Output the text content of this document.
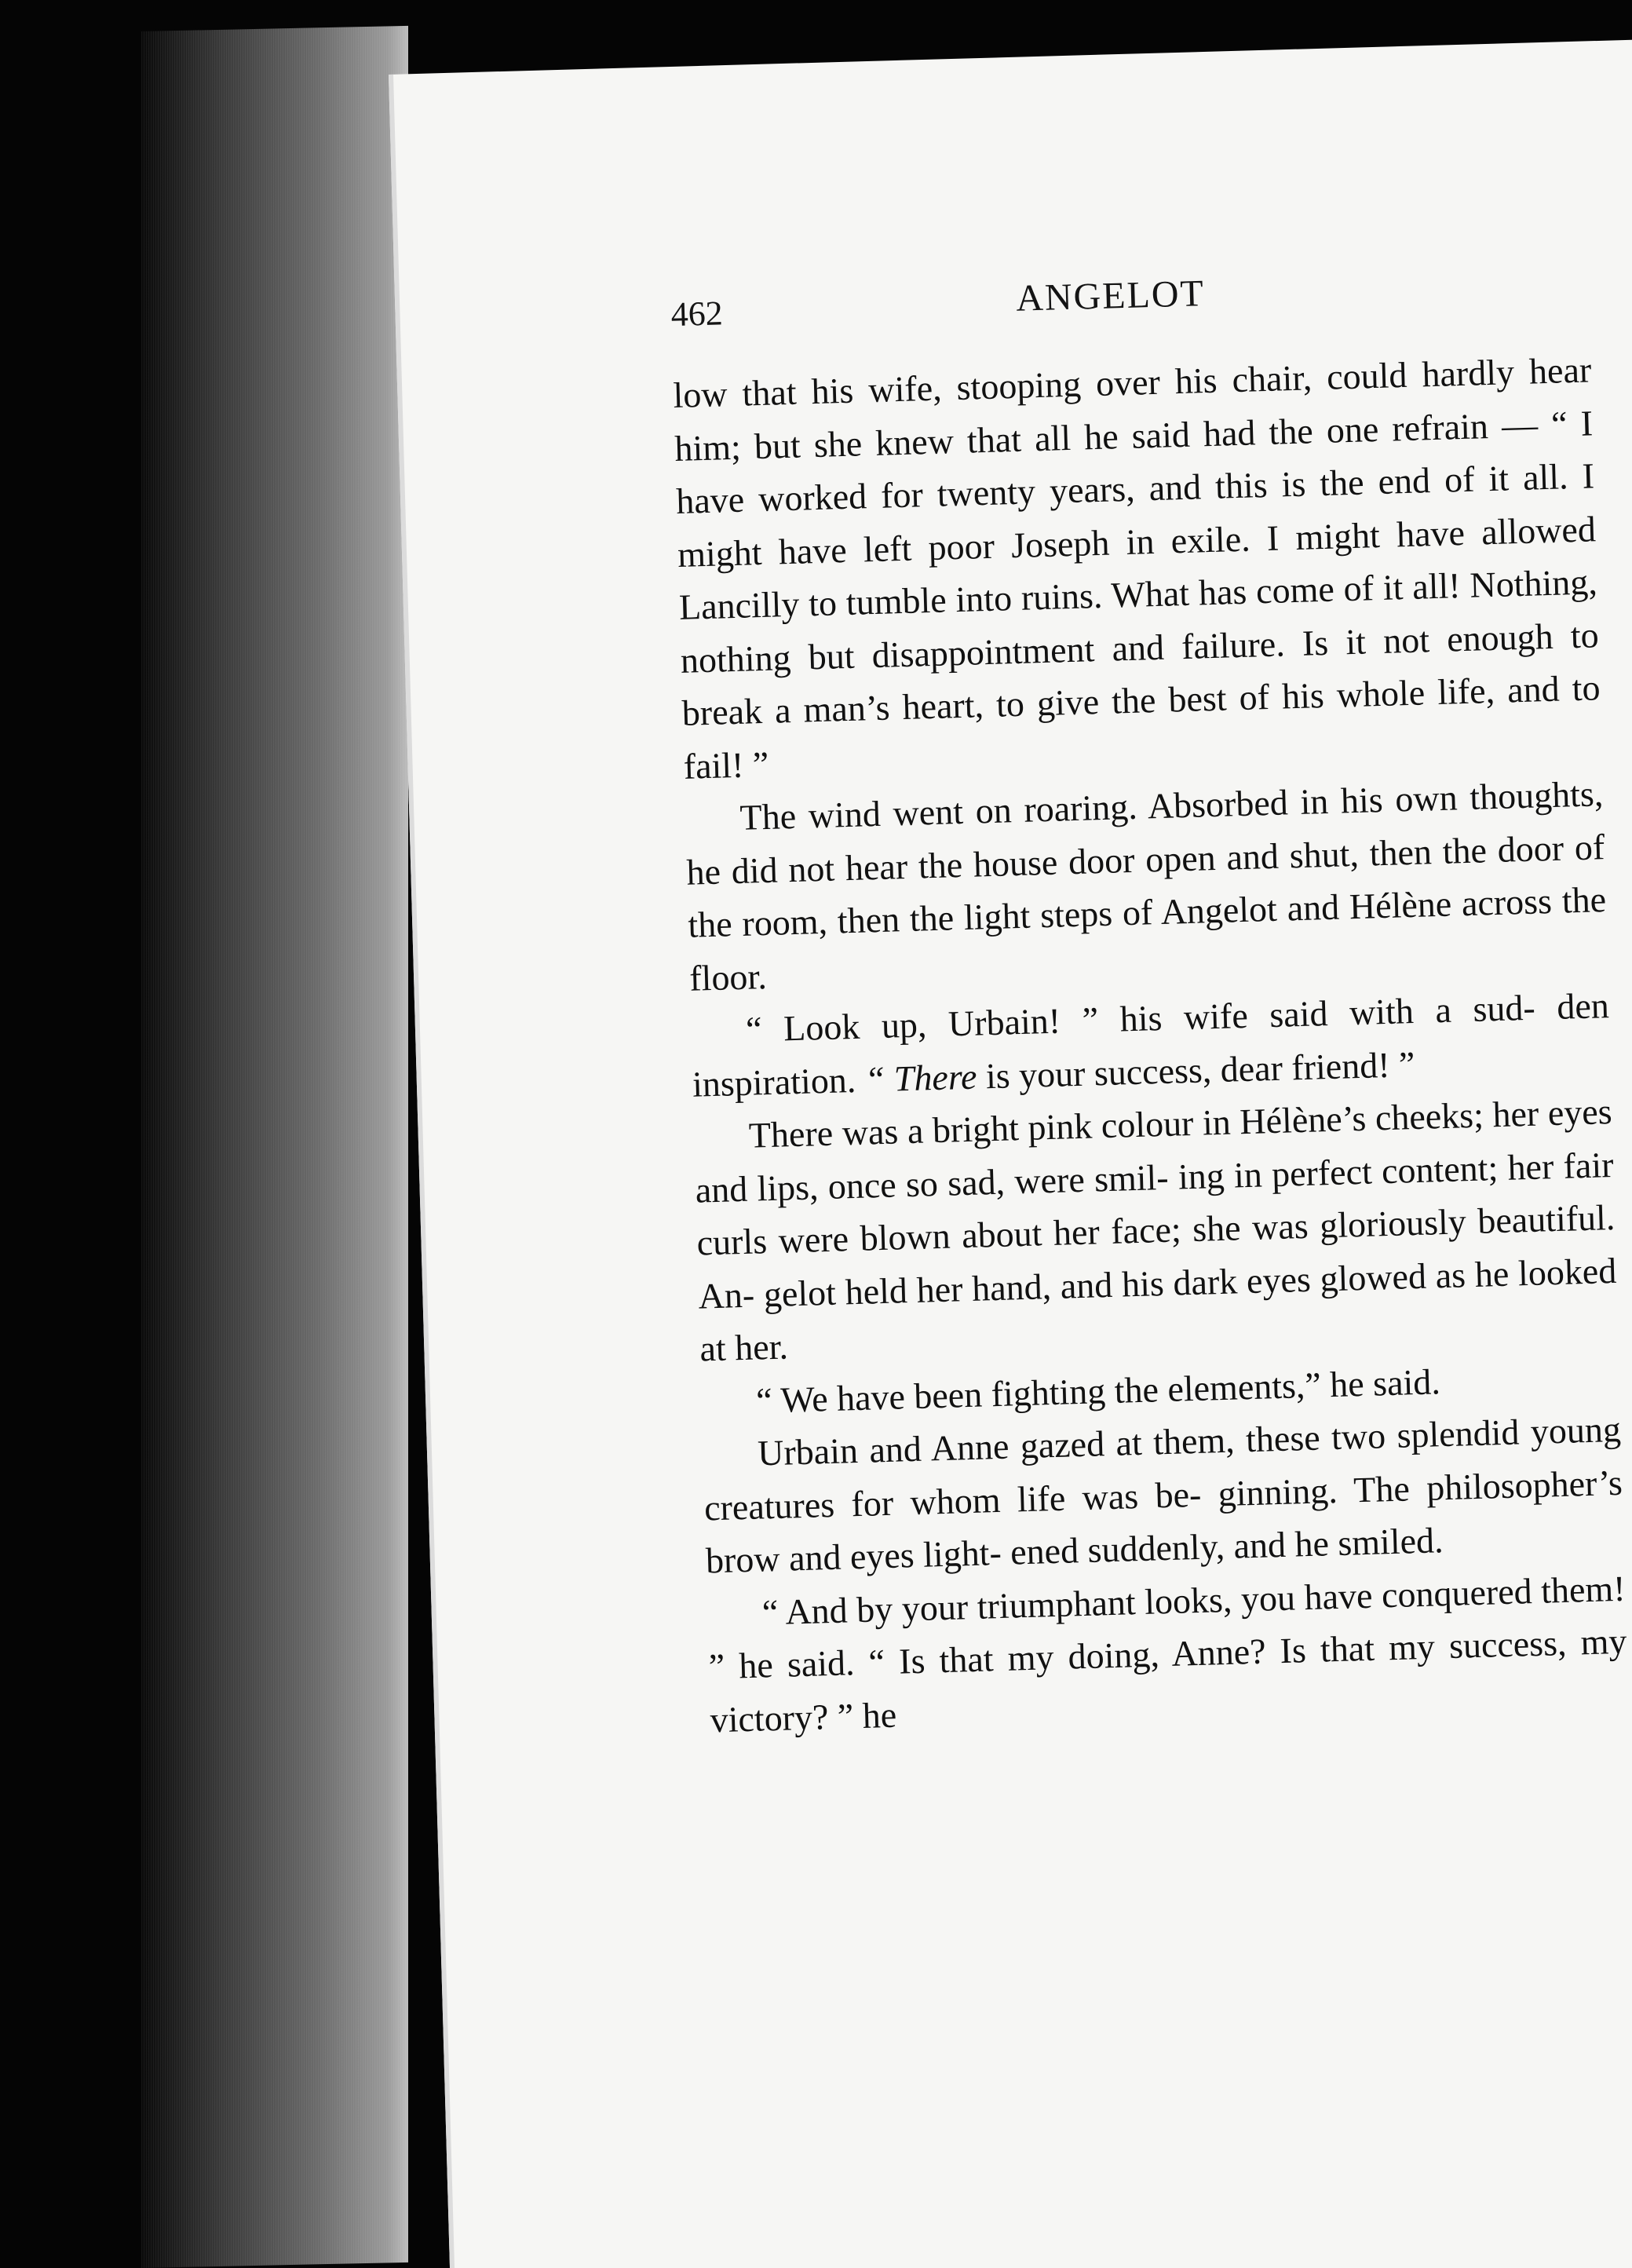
462	ANGELOT

low that his wife, stooping over his chair, could hardly hear him; but she knew that all he said had the one refrain — “ I have worked for twenty years, and this is the end of it all. I might have left poor Joseph in exile. I might have allowed Lancilly to tumble into ruins. What has come of it all! Nothing, nothing but disappointment and failure. Is it not enough to break a man’s heart, to give the best of his whole life, and to fail! ”

The wind went on roaring. Absorbed in his own thoughts, he did not hear the house door open and shut, then the door of the room, then the light steps of Angelot and Hélène across the floor.

“ Look up, Urbain! ” his wife said with a sud- den inspiration. “ There is your success, dear friend! ”

There was a bright pink colour in Hélène’s cheeks; her eyes and lips, once so sad, were smil- ing in perfect content; her fair curls were blown about her face; she was gloriously beautiful. An- gelot held her hand, and his dark eyes glowed as he looked at her.

“ We have been fighting the elements,” he said.

Urbain and Anne gazed at them, these two splendid young creatures for whom life was be- ginning. The philosopher’s brow and eyes light- ened suddenly, and he smiled.

“ And by your triumphant looks, you have conquered them! ” he said. “ Is that my doing, Anne? Is that my success, my victory? ” he
